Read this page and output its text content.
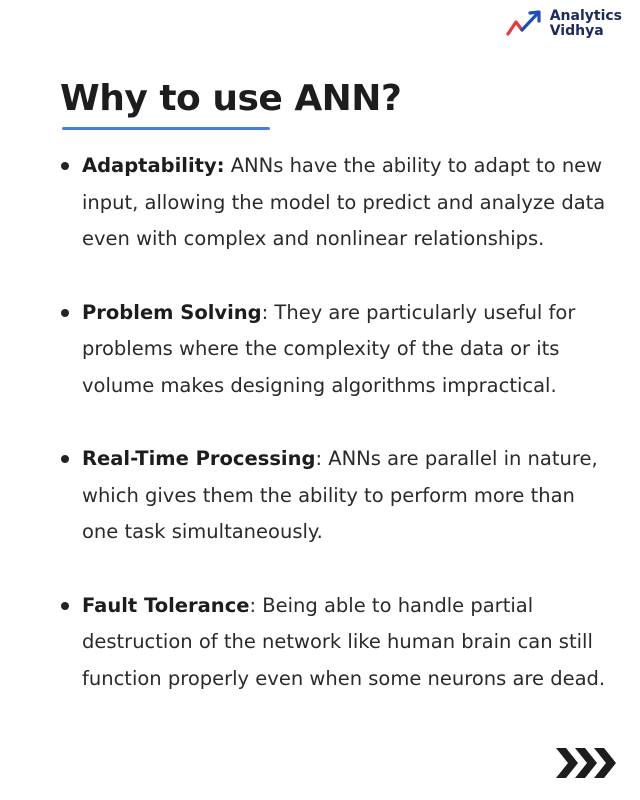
Analytics
Vidhya
Why to use ANN?
Adaptability: ANNs have the ability to adapt to new input, allowing the model to predict and analyze data even with complex and nonlinear relationships.
Problem Solving: They are particularly useful for problems where the complexity of the data or its volume makes designing algorithms impractical.
Real-Time Processing: ANNs are parallel in nature, which gives them the ability to perform more than one task simultaneously.
Fault Tolerance: Being able to handle partial destruction of the network like human brain can still function properly even when some neurons are dead.
